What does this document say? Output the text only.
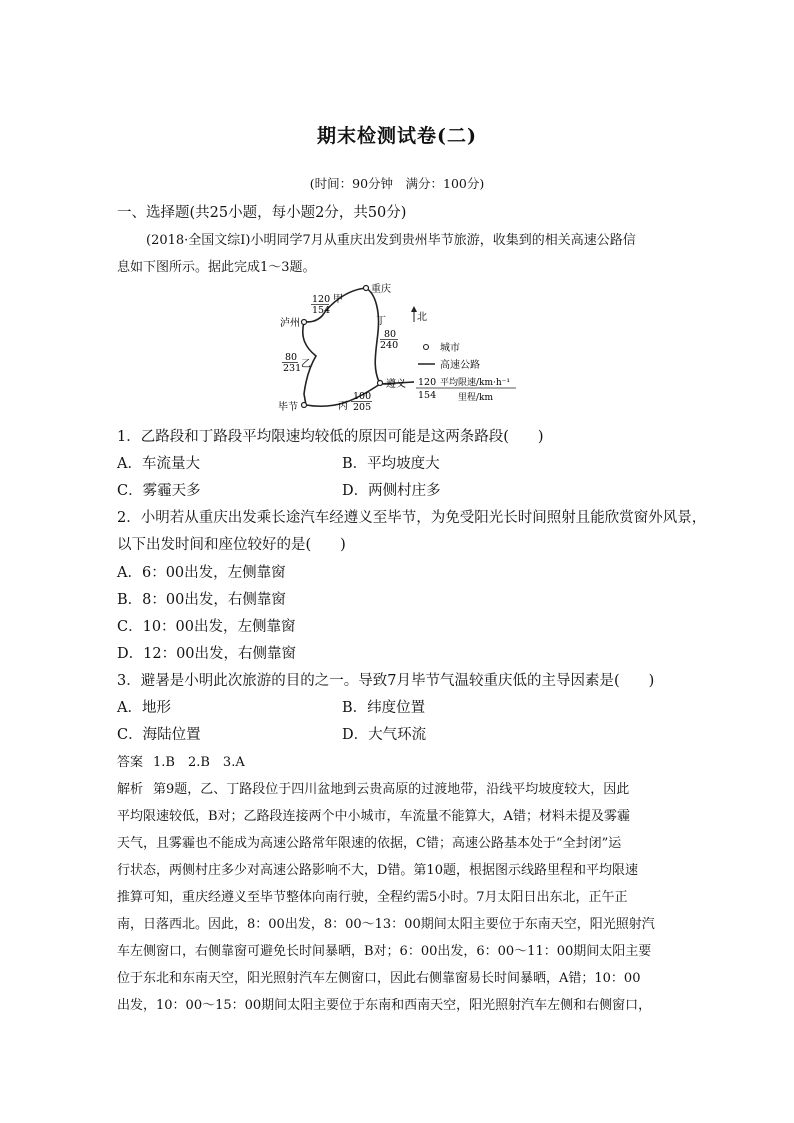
期末检测试卷(二)
(时间：90分钟　满分：100分)
一、选择题(共25小题，每小题2分，共50分)
(2018·全国文综Ⅰ)小明同学7月从重庆出发到贵州毕节旅游，收集到的相关高速公路信
息如下图所示。据此完成1～3题。
重庆
泸州
遵义
毕节
120
154
甲
80
231 乙
丙
100
205
丁
80
240
北
城市
高速公路
120
154
平均限速/km·h⁻¹
里程/km
1．乙路段和丁路段平均限速均较低的原因可能是这两条路段(　　)
A．车流量大	B．平均坡度大
C．雾霾天多	D．两侧村庄多
2．小明若从重庆出发乘长途汽车经遵义至毕节，为免受阳光长时间照射且能欣赏窗外风景，
以下出发时间和座位较好的是(　　)
A．6：00出发，左侧靠窗
B．8：00出发，右侧靠窗
C．10：00出发，左侧靠窗
D．12：00出发，右侧靠窗
3．避暑是小明此次旅游的目的之一。导致7月毕节气温较重庆低的主导因素是(　　)
A．地形	B．纬度位置
C．海陆位置	D．大气环流
答案 1.B　2.B　3.A
解析 第9题，乙、丁路段位于四川盆地到云贵高原的过渡地带，沿线平均坡度较大，因此
平均限速较低，B对；乙路段连接两个中小城市，车流量不能算大，A错；材料未提及雾霾
天气，且雾霾也不能成为高速公路常年限速的依据，C错；高速公路基本处于“全封闭”运
行状态，两侧村庄多少对高速公路影响不大，D错。第10题，根据图示线路里程和平均限速
推算可知，重庆经遵义至毕节整体向南行驶，全程约需5小时。7月太阳日出东北，正午正
南，日落西北。因此，8：00出发，8：00～13：00期间太阳主要位于东南天空，阳光照射汽
车左侧窗口，右侧靠窗可避免长时间暴晒，B对；6：00出发，6：00～11：00期间太阳主要
位于东北和东南天空，阳光照射汽车左侧窗口，因此右侧靠窗易长时间暴晒，A错；10：00
出发，10：00～15：00期间太阳主要位于东南和西南天空，阳光照射汽车左侧和右侧窗口，
